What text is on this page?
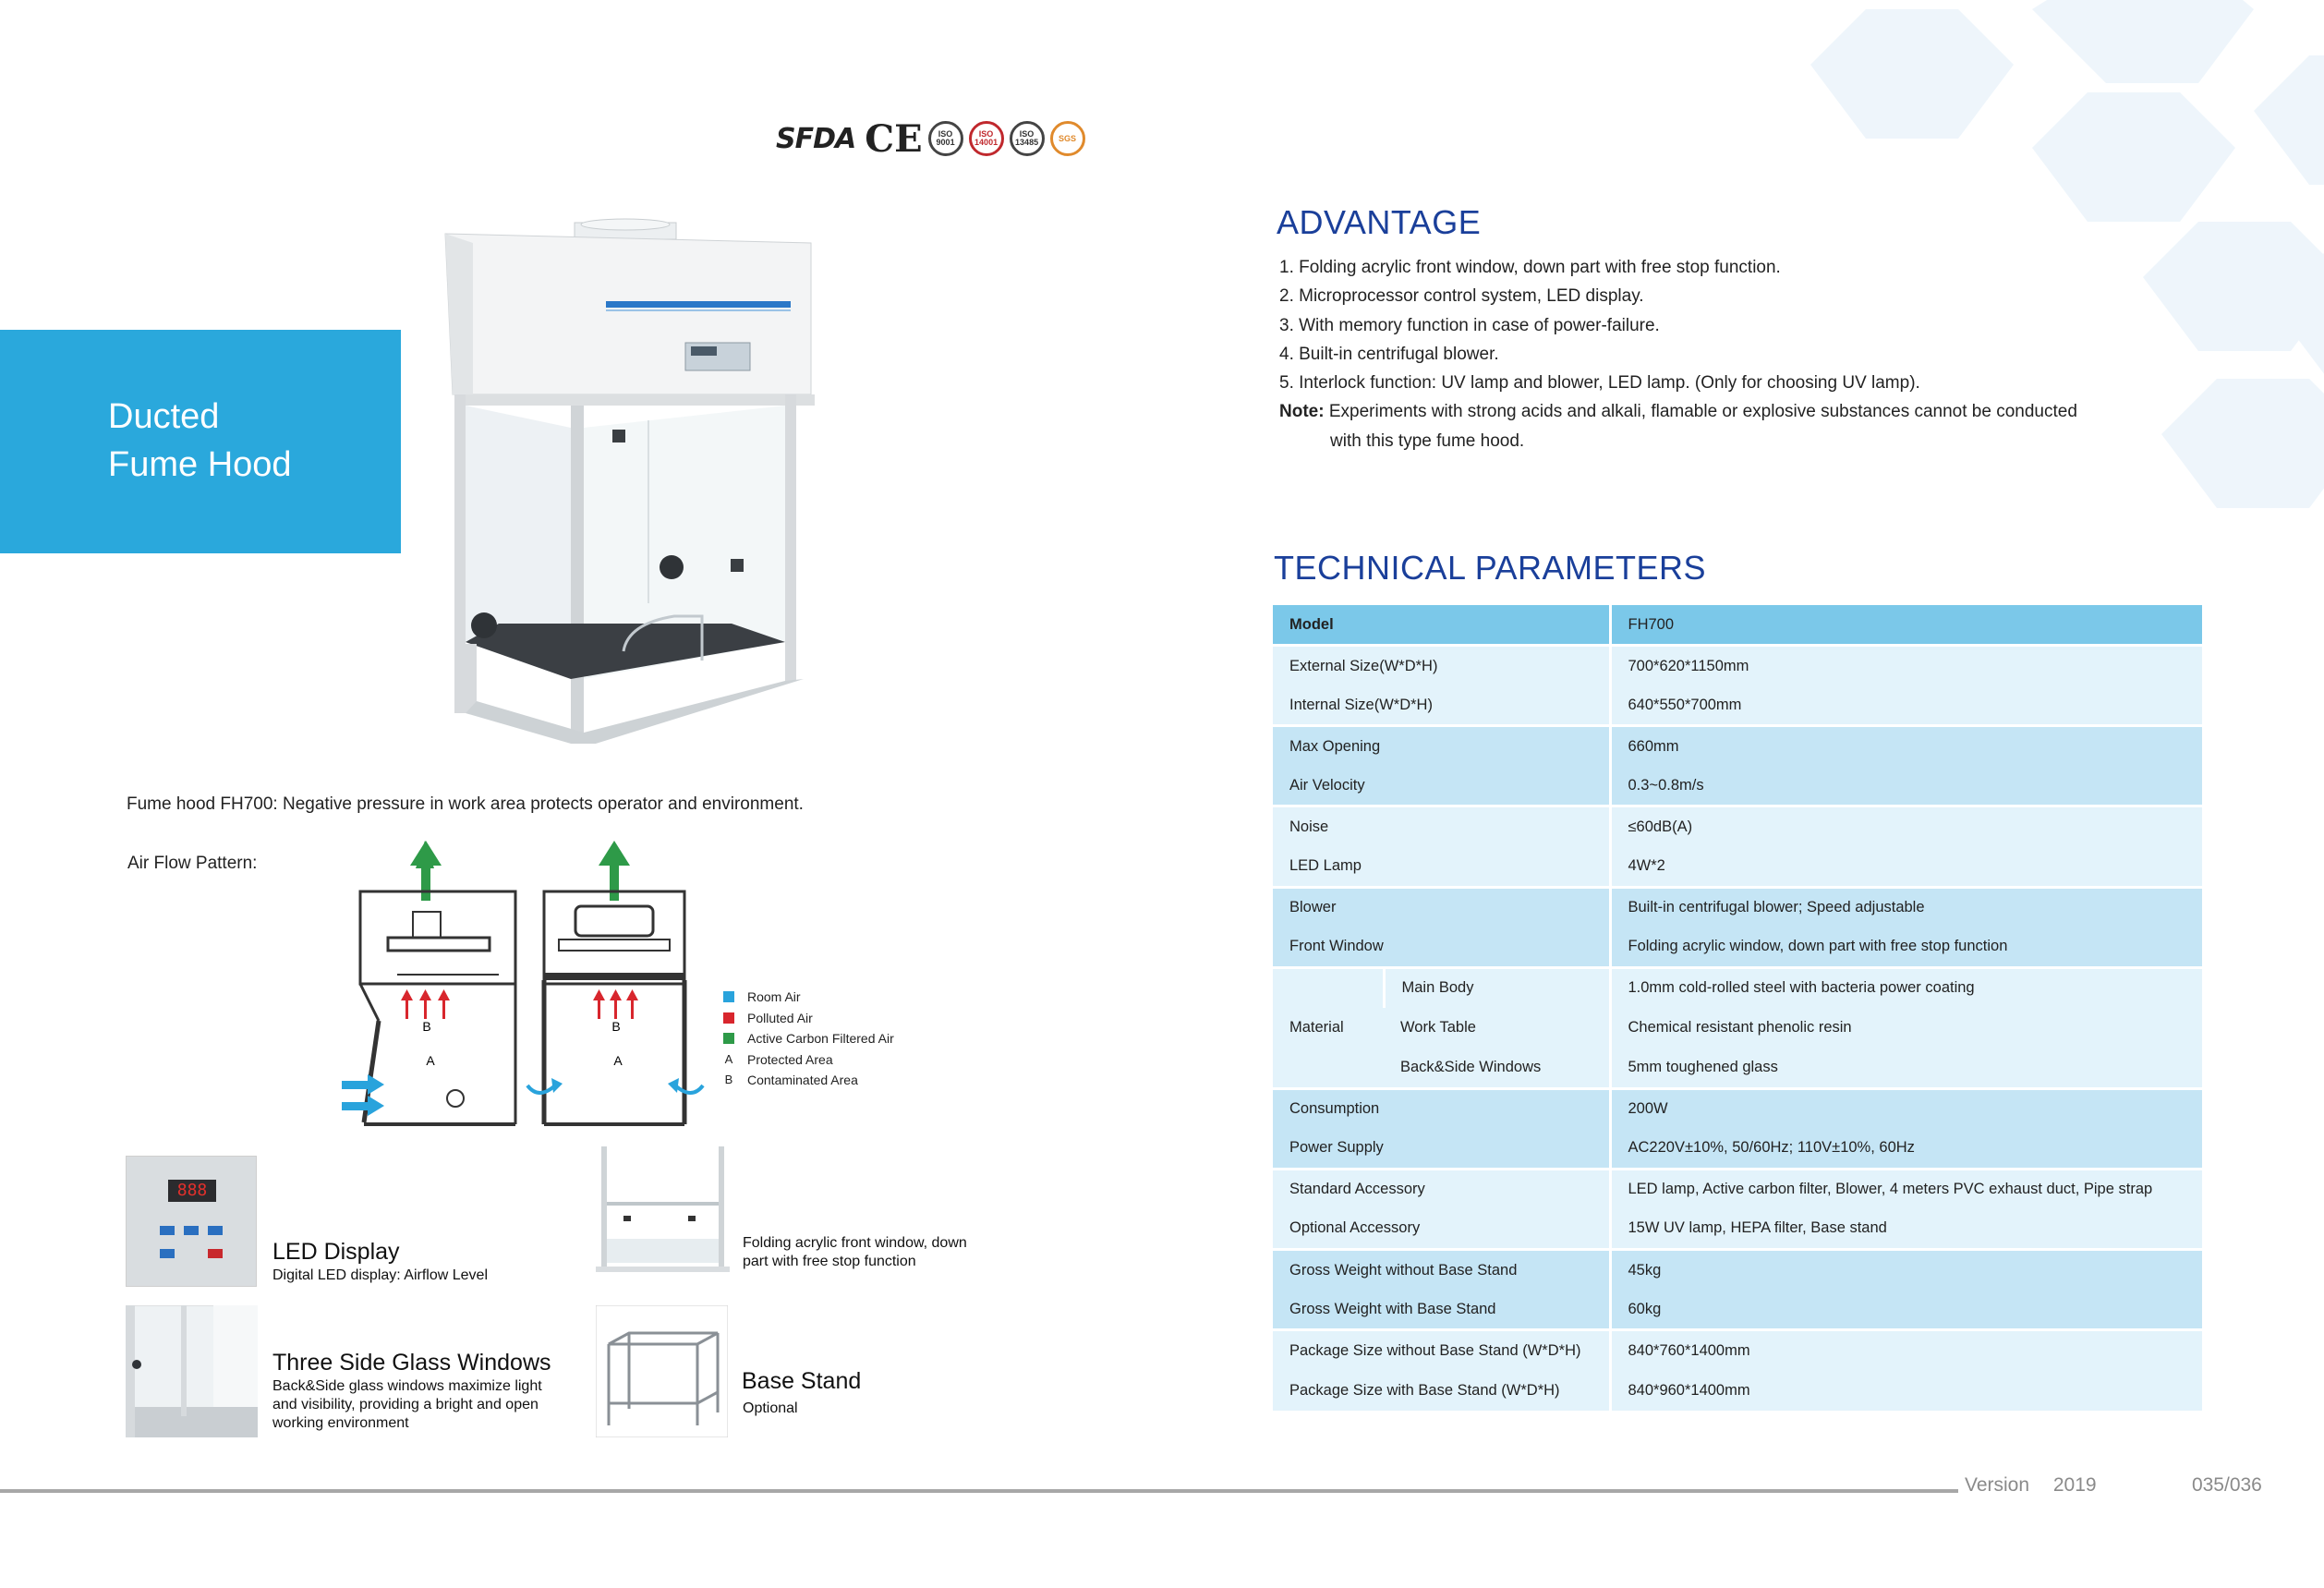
SFDA CE	ISO
9001
ISO
14001
ISO
13485	SGS
Ducted
Fume Hood
Fume hood FH700: Negative pressure in work area protects operator and environment.
Air Flow Pattern:
B
A
B
A
Room Air
Polluted Air
Active Carbon Filtered Air
A Protected Area
B Contaminated Area
888
LED Display
Digital LED display: Airflow Level
Folding acrylic front window, down
part with free stop function
Three Side Glass Windows
Back&Side glass windows maximize light
and visibility, providing a bright and open
working environment
Base Stand
Optional
ADVANTAGE
1. Folding acrylic front window, down part with free stop function.
2. Microprocessor control system, LED display.
3. With memory function in case of power-failure.
4. Built-in centrifugal blower.
5. Interlock function: UV lamp and blower, LED lamp. (Only for choosing UV lamp).
Note: Experiments with strong acids and alkali, flamable or explosive substances cannot be conducted
with this type fume hood.
TECHNICAL PARAMETERS
Model		FH700
External Size(W*D*H)		700*620*1150mm
Internal Size(W*D*H)		640*550*700mm
Max Opening		660mm
Air Velocity		0.3~0.8m/s
Noise		≤60dB(A)
LED Lamp		4W*2
Blower		Built-in centrifugal blower; Speed adjustable
Front Window		Folding acrylic window, down part with free stop function
Material	Main Body	1.0mm cold-rolled steel with bacteria power coating
	Work Table	Chemical resistant phenolic resin
	Back&Side Windows	5mm toughened glass
Consumption		200W
Power Supply		AC220V±10%, 50/60Hz; 110V±10%, 60Hz
Standard Accessory		LED lamp, Active carbon filter, Blower, 4 meters PVC exhaust duct, Pipe strap
Optional Accessory		15W UV lamp, HEPA filter, Base stand
Gross Weight without Base Stand		45kg
Gross Weight with Base Stand		60kg
Package Size without Base Stand (W*D*H)		840*760*1400mm
Package Size with Base Stand (W*D*H)		840*960*1400mm
Version 2019	035/036
